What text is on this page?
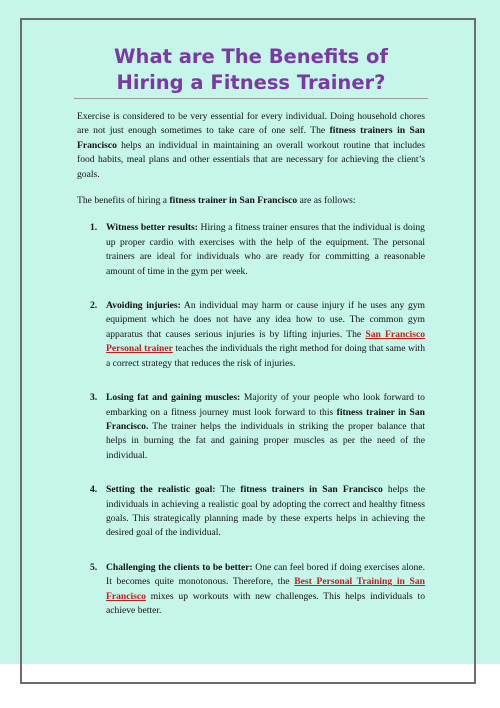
What are The Benefits of
Hiring a Fitness Trainer?

Exercise is considered to be very essential for every individual. Doing household chores are not just enough sometimes to take care of one self. The fitness trainers in San Francisco helps an individual in maintaining an overall workout routine that includes food habits, meal plans and other essentials that are necessary for achieving the client’s goals.

The benefits of hiring a fitness trainer in San Francisco are as follows:

1. Witness better results: Hiring a fitness trainer ensures that the individual is doing up proper cardio with exercises with the help of the equipment. The personal trainers are ideal for individuals who are ready for committing a reasonable amount of time in the gym per week.
2. Avoiding injuries: An individual may harm or cause injury if he uses any gym equipment which he does not have any idea how to use. The common gym apparatus that causes serious injuries is by lifting injuries. The San Francisco Personal trainer teaches the individuals the right method for doing that same with a correct strategy that reduces the risk of injuries.
3. Losing fat and gaining muscles: Majority of your people who look forward to embarking on a fitness journey must look forward to this fitness trainer in San Francisco. The trainer helps the individuals in striking the proper balance that helps in burning the fat and gaining proper muscles as per the need of the individual.
4. Setting the realistic goal: The fitness trainers in San Francisco helps the individuals in achieving a realistic goal by adopting the correct and healthy fitness goals. This strategically planning made by these experts helps in achieving the desired goal of the individual.
5. Challenging the clients to be better: One can feel bored if doing exercises alone. It becomes quite monotonous. Therefore, the Best Personal Training in San Francisco mixes up workouts with new challenges. This helps individuals to achieve better.
